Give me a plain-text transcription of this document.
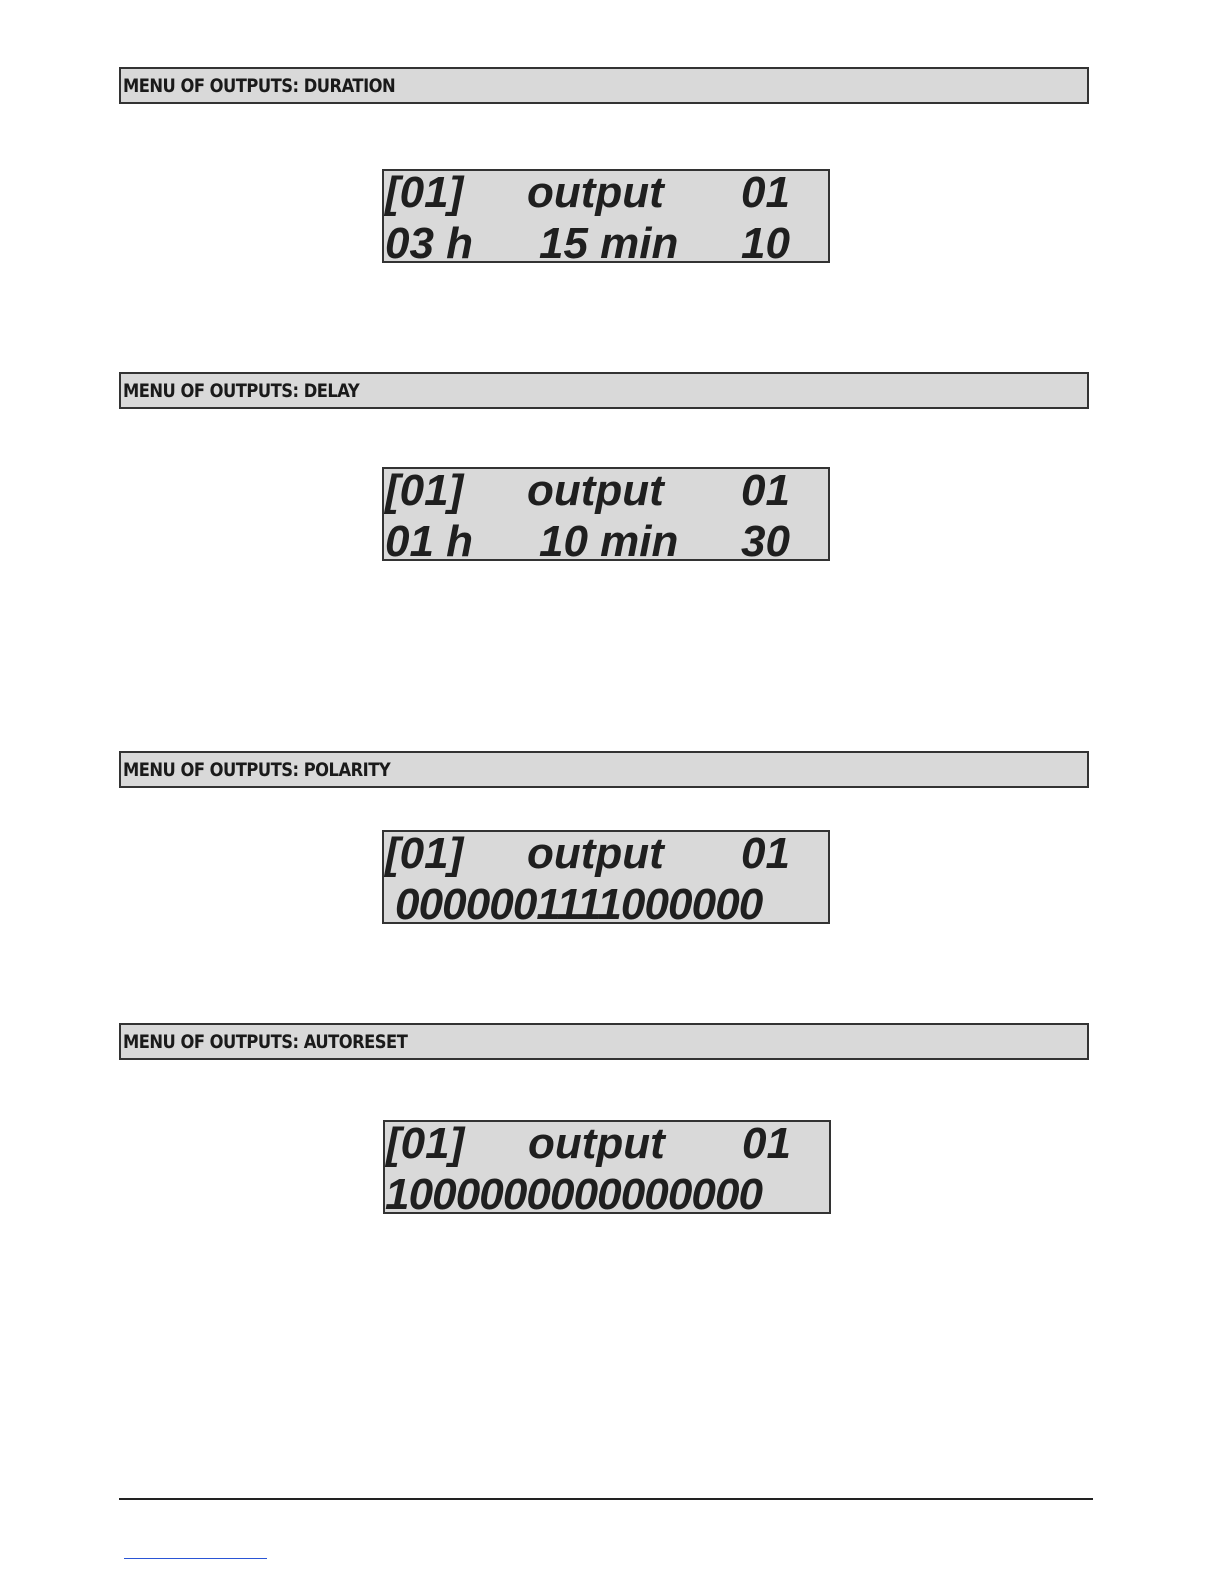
MENU OF OUTPUTS: DURATION
[01] output 01
03 h 15 min 10
MENU OF OUTPUTS: DELAY
[01] output 01
01 h 10 min 30
MENU OF OUTPUTS: POLARITY
[01] output 01
0000001111000000
MENU OF OUTPUTS: AUTORESET
[01] output 01
1000000000000000
